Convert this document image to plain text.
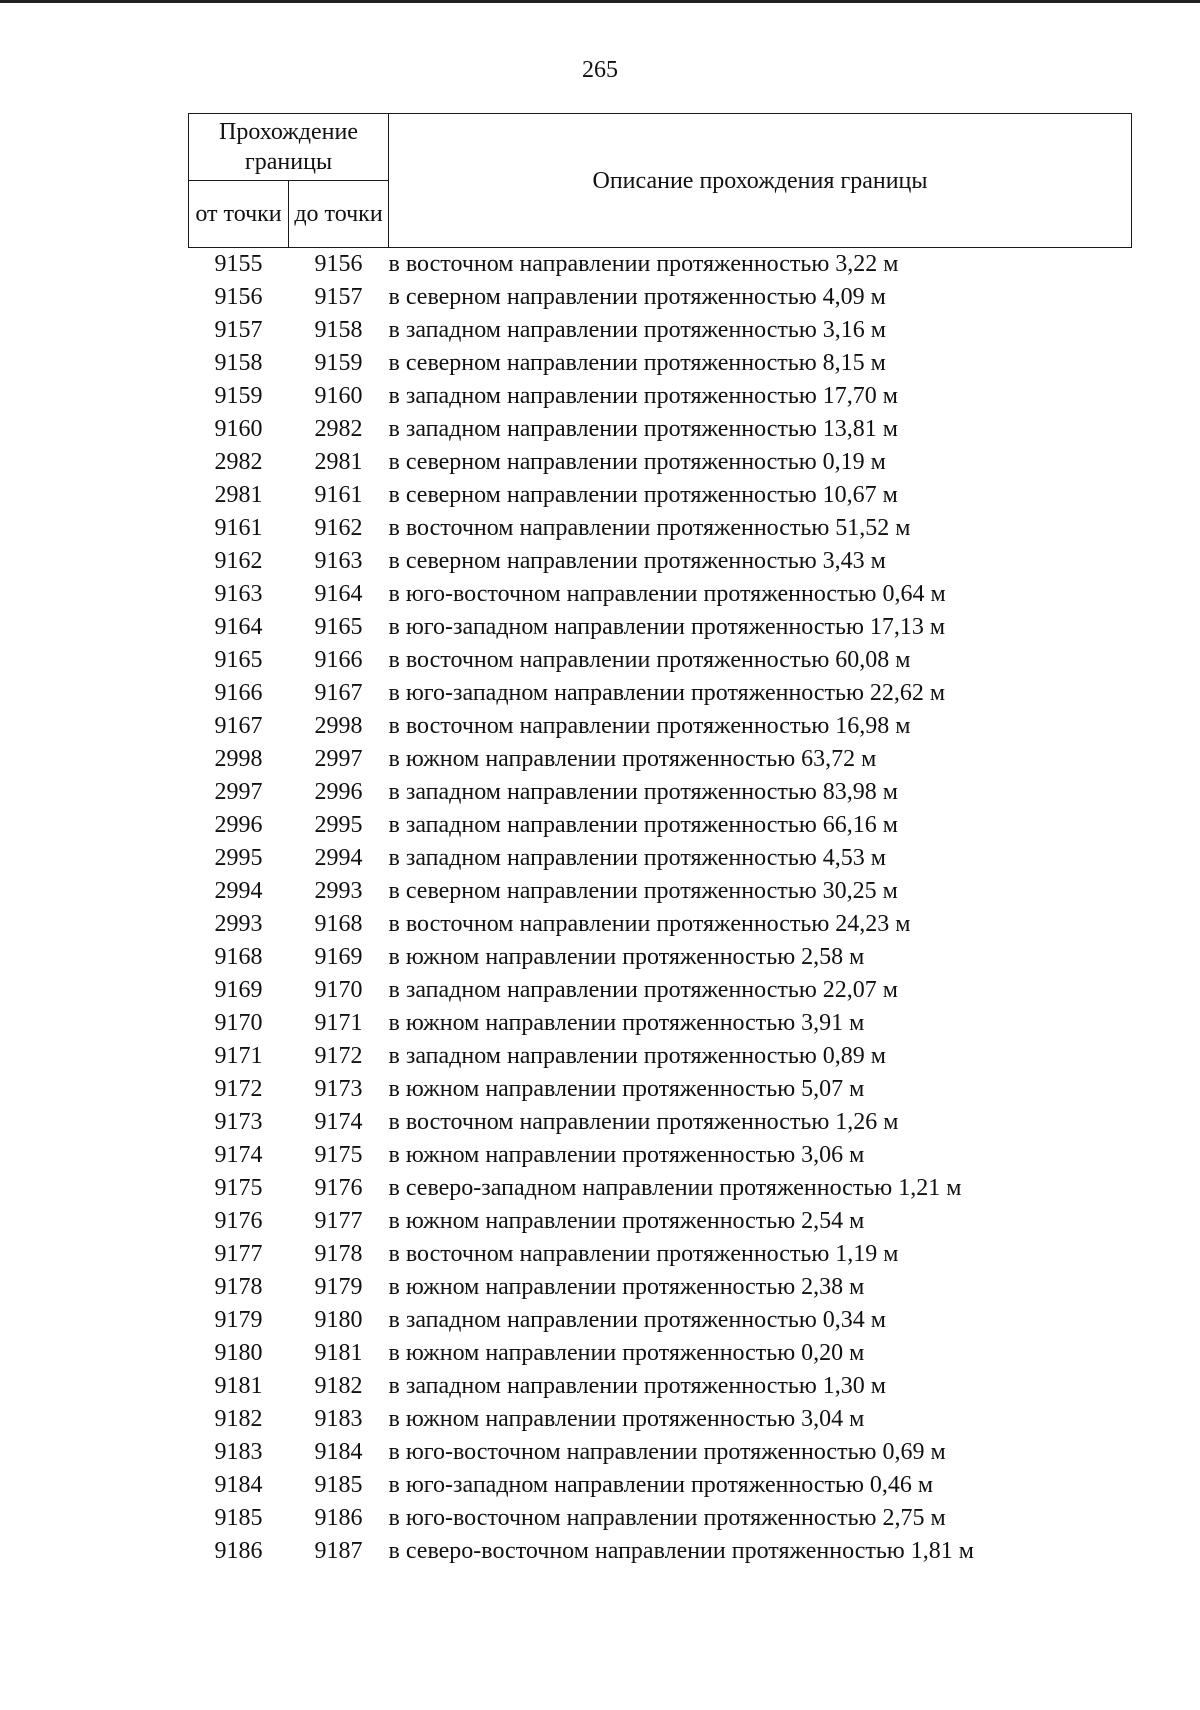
265
Прохождение границы		Описание прохождения границы
от точки	до точки	
9155	9156	в восточном направлении протяженностью 3,22 м
9156	9157	в северном направлении протяженностью 4,09 м
9157	9158	в западном направлении протяженностью 3,16 м
9158	9159	в северном направлении протяженностью 8,15 м
9159	9160	в западном направлении протяженностью 17,70 м
9160	2982	в западном направлении протяженностью 13,81 м
2982	2981	в северном направлении протяженностью 0,19 м
2981	9161	в северном направлении протяженностью 10,67 м
9161	9162	в восточном направлении протяженностью 51,52 м
9162	9163	в северном направлении протяженностью 3,43 м
9163	9164	в юго-восточном направлении протяженностью 0,64 м
9164	9165	в юго-западном направлении протяженностью 17,13 м
9165	9166	в восточном направлении протяженностью 60,08 м
9166	9167	в юго-западном направлении протяженностью 22,62 м
9167	2998	в восточном направлении протяженностью 16,98 м
2998	2997	в южном направлении протяженностью 63,72 м
2997	2996	в западном направлении протяженностью 83,98 м
2996	2995	в западном направлении протяженностью 66,16 м
2995	2994	в западном направлении протяженностью 4,53 м
2994	2993	в северном направлении протяженностью 30,25 м
2993	9168	в восточном направлении протяженностью 24,23 м
9168	9169	в южном направлении протяженностью 2,58 м
9169	9170	в западном направлении протяженностью 22,07 м
9170	9171	в южном направлении протяженностью 3,91 м
9171	9172	в западном направлении протяженностью 0,89 м
9172	9173	в южном направлении протяженностью 5,07 м
9173	9174	в восточном направлении протяженностью 1,26 м
9174	9175	в южном направлении протяженностью 3,06 м
9175	9176	в северо-западном направлении протяженностью 1,21 м
9176	9177	в южном направлении протяженностью 2,54 м
9177	9178	в восточном направлении протяженностью 1,19 м
9178	9179	в южном направлении протяженностью 2,38 м
9179	9180	в западном направлении протяженностью 0,34 м
9180	9181	в южном направлении протяженностью 0,20 м
9181	9182	в западном направлении протяженностью 1,30 м
9182	9183	в южном направлении протяженностью 3,04 м
9183	9184	в юго-восточном направлении протяженностью 0,69 м
9184	9185	в юго-западном направлении протяженностью 0,46 м
9185	9186	в юго-восточном направлении протяженностью 2,75 м
9186	9187	в северо-восточном направлении протяженностью 1,81 м
